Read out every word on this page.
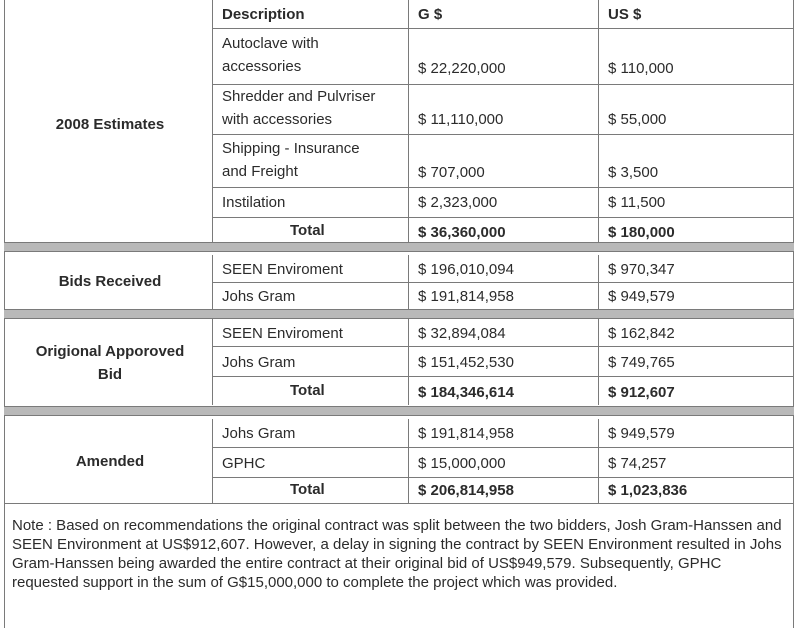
Description	G $	US $
2008 Estimates
Autoclave with
accessories	$ 22,220,000	$ 110,000
Shredder and Pulvriser
with accessories	$ 11,110,000	$ 55,000
Shipping - Insurance
and Freight	$ 707,000	$ 3,500
Instilation	$ 2,323,000	$ 11,500
Total	$ 36,360,000	$ 180,000
Bids Received
SEEN Enviroment	$ 196,010,094	$ 970,347
Johs Gram	$ 191,814,958	$ 949,579
Origional Apporoved
Bid
SEEN Enviroment	$ 32,894,084	$ 162,842
Johs Gram	$ 151,452,530	$ 749,765
Total	$ 184,346,614	$ 912,607
Amended
Johs Gram	$ 191,814,958	$ 949,579
GPHC	$ 15,000,000	$ 74,257
Total	$ 206,814,958	$ 1,023,836
Note : Based on recommendations the original contract was split between the two bidders, Josh Gram-Hanssen and SEEN Environment at US$912,607. However, a delay in signing the contract by SEEN Environment resulted in Johs Gram-Hanssen being awarded the entire contract at their original bid of US$949,579. Subsequently, GPHC requested support in the sum of G$15,000,000 to complete the project which was provided.
